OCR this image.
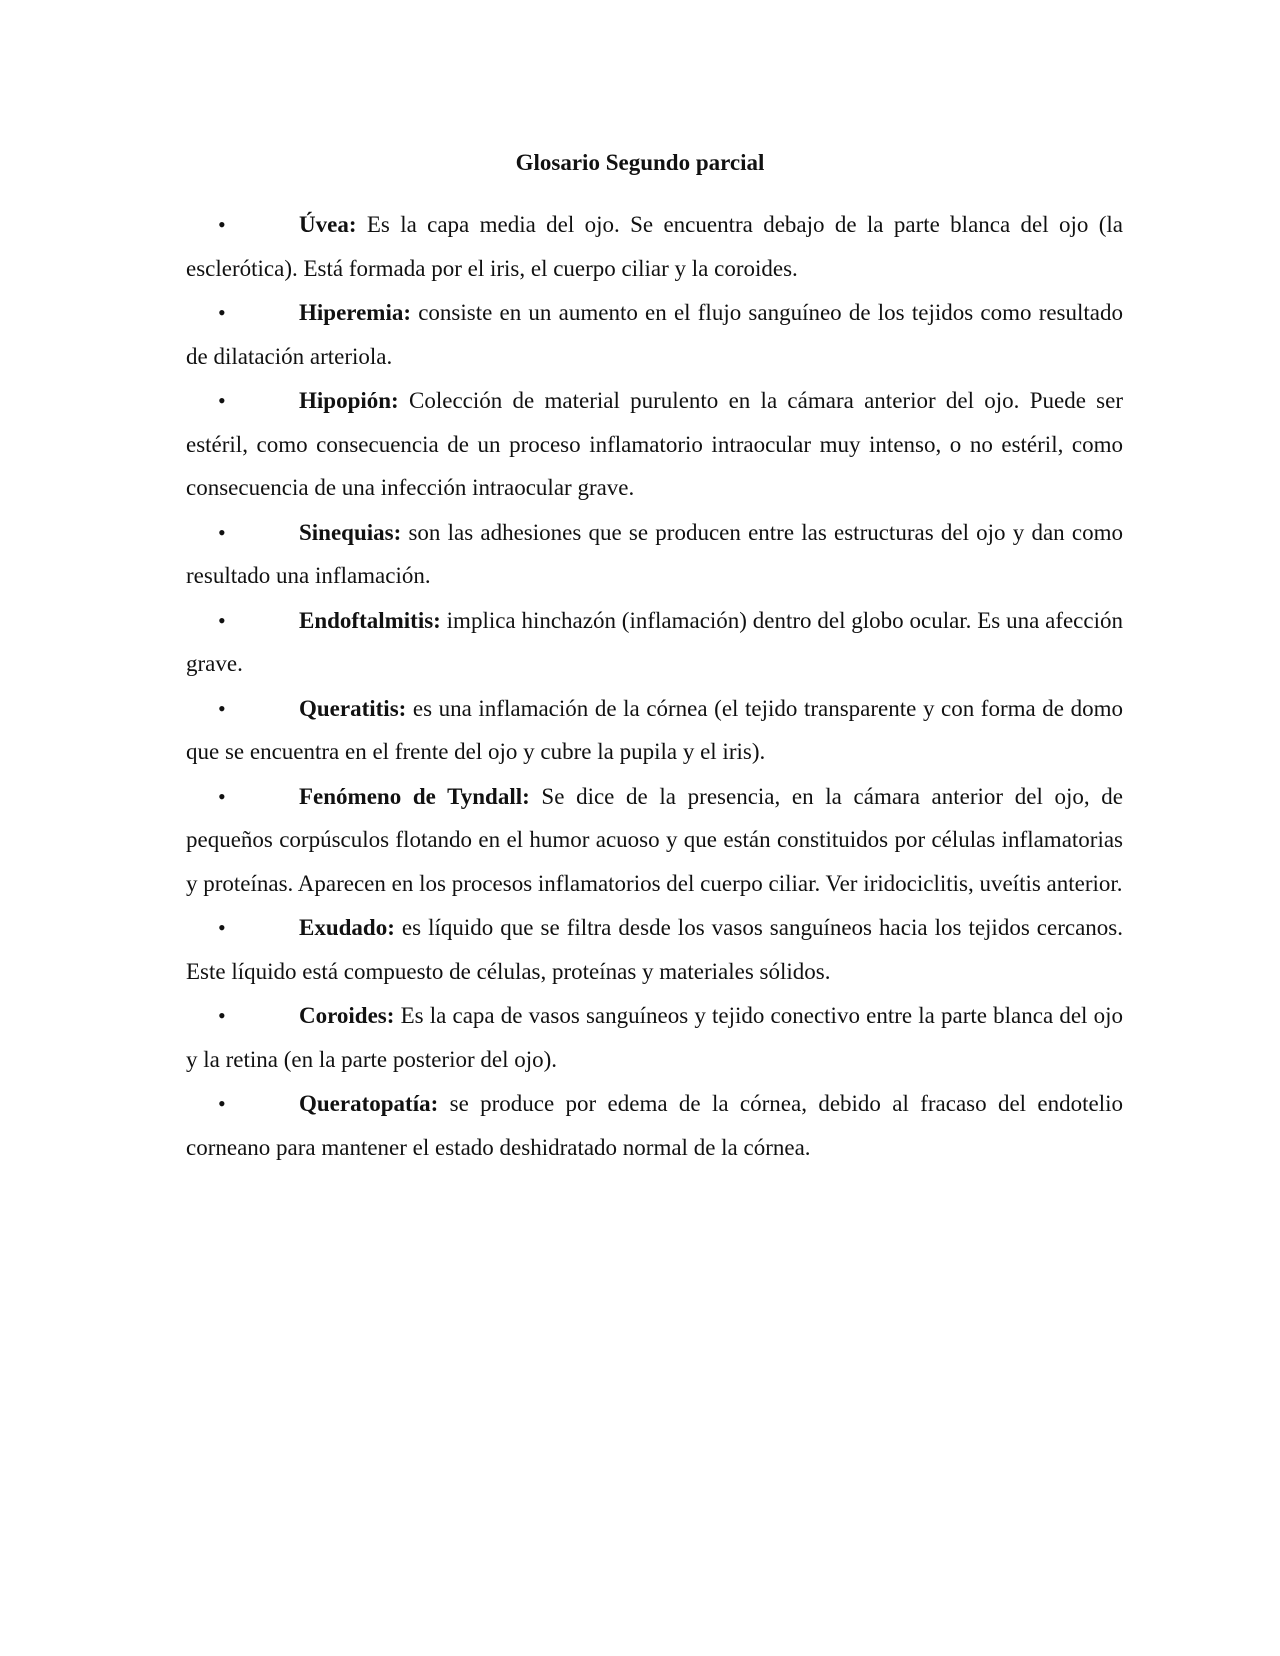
Glosario Segundo parcial
•	Úvea: Es la capa media del ojo. Se encuentra debajo de la parte blanca del ojo (la esclerótica). Está formada por el iris, el cuerpo ciliar y la coroides.
•	Hiperemia: consiste en un aumento en el flujo sanguíneo de los tejidos como resultado de dilatación arteriola.
•	Hipopión: Colección de material purulento en la cámara anterior del ojo. Puede ser estéril, como consecuencia de un proceso inflamatorio intraocular muy intenso, o no estéril, como consecuencia de una infección intraocular grave.
•	Sinequias: son las adhesiones que se producen entre las estructuras del ojo y dan como resultado una inflamación.
•	Endoftalmitis: implica hinchazón (inflamación) dentro del globo ocular. Es una afección grave.
•	Queratitis: es una inflamación de la córnea (el tejido transparente y con forma de domo que se encuentra en el frente del ojo y cubre la pupila y el iris).
•	Fenómeno de Tyndall: Se dice de la presencia, en la cámara anterior del ojo, de pequeños corpúsculos flotando en el humor acuoso y que están constituidos por células inflamatorias y proteínas. Aparecen en los procesos inflamatorios del cuerpo ciliar. Ver iridociclitis, uveítis anterior.
•	Exudado: es líquido que se filtra desde los vasos sanguíneos hacia los tejidos cercanos. Este líquido está compuesto de células, proteínas y materiales sólidos.
•	Coroides: Es la capa de vasos sanguíneos y tejido conectivo entre la parte blanca del ojo y la retina (en la parte posterior del ojo).
•	Queratopatía: se produce por edema de la córnea, debido al fracaso del endotelio corneano para mantener el estado deshidratado normal de la córnea.
